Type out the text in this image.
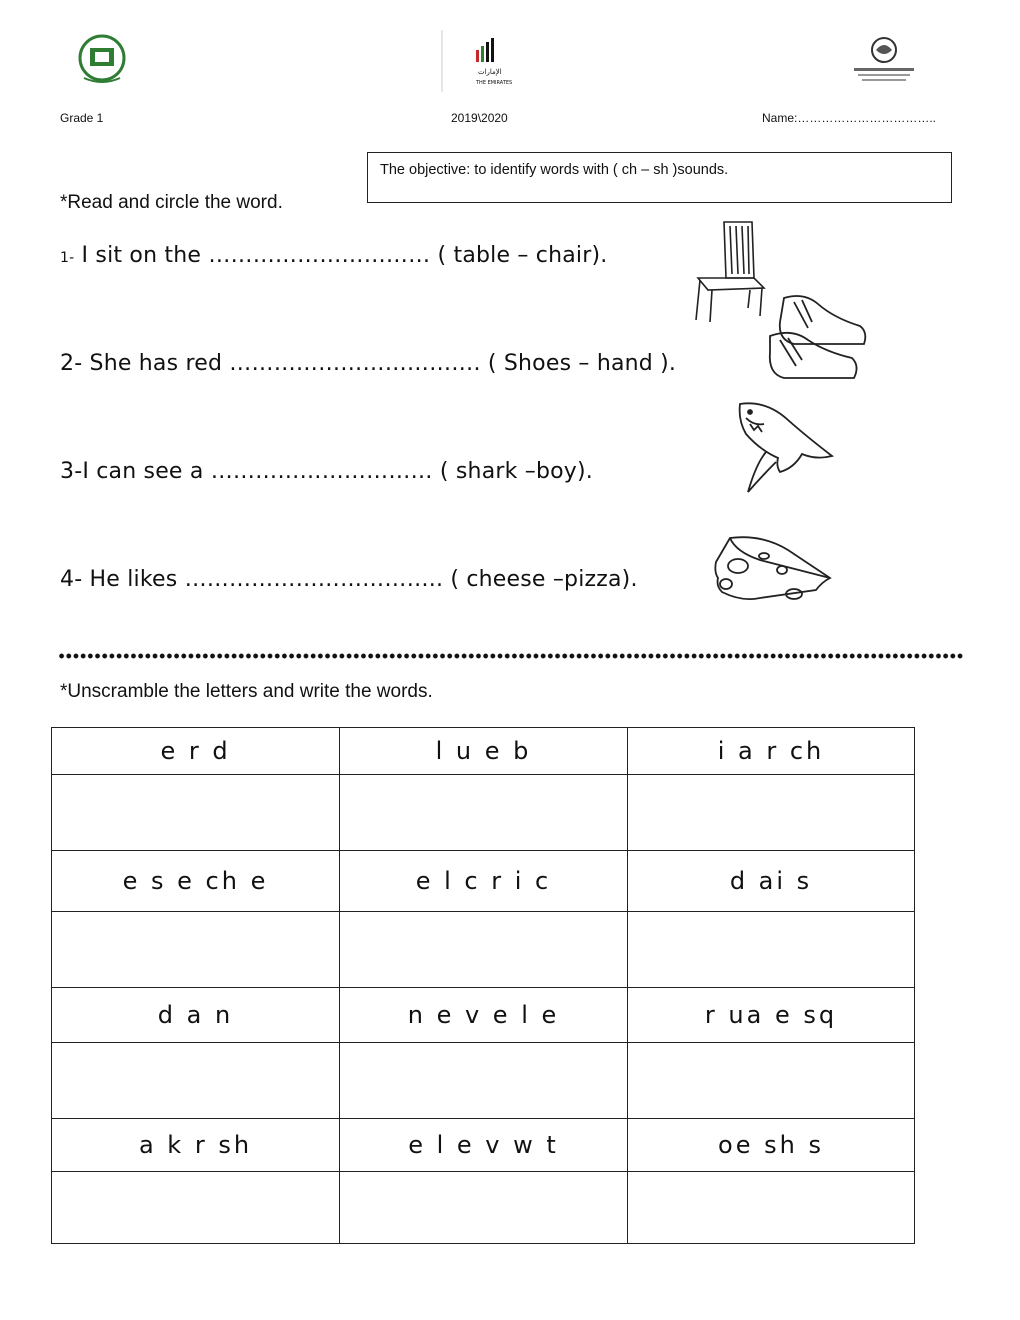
ﺍﻹﻣﺎﺭﺍﺕ
THE EMIRATES
Grade 1	2019\2020	Name:……………………………..
The objective: to identify words with ( ch – sh )sounds.
*Read and circle the word.
1- I sit on the ………………………… ( table – chair).
2- She has red ……………………………. ( Shoes – hand ).
3-I can see a ………………………… ( shark –boy).
4- He likes …………………………….. ( cheese –pizza).
*Unscramble the letters and write the words.
e r d	l u e b	i a r ch

e s e ch e	e l c r i c	d ai s

d a n	n e v e l e	r ua e sq

a k r sh	e l e v w t	oe sh s
